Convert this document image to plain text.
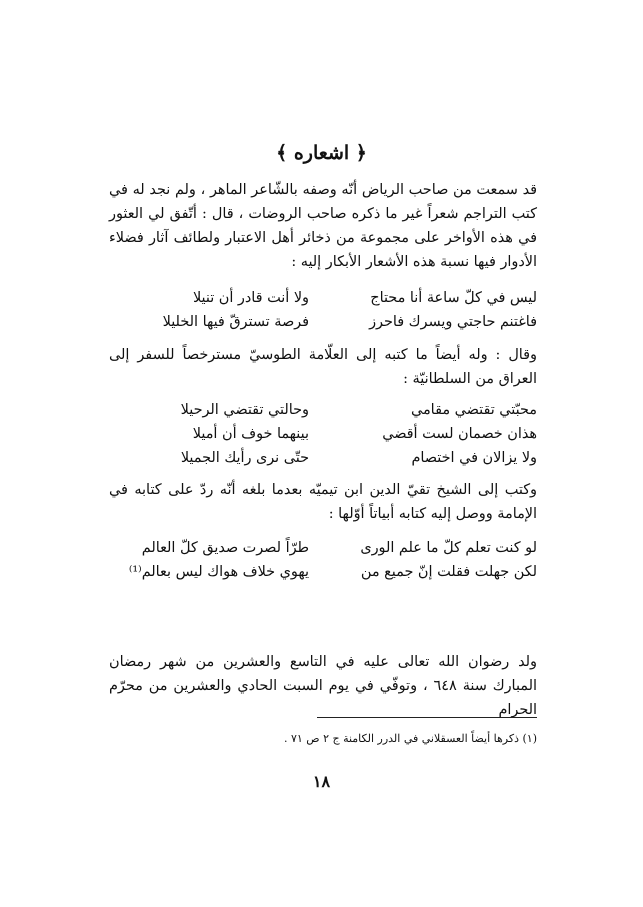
﴿ اشعاره ﴾
قد سمعت من صاحب الرياض أنّه وصفه بالشّاعر الماهر ، ولم نجد له في كتب التراجم شعراً غير ما ذكره صاحب الروضات ، قال : أتّفق لي العثور في هذه الأواخر على مجموعة من ذخائر أهل الاعتبار ولطائف آثار فضلاء الأدوار فيها نسبة هذه الأشعار الأبكار إليه :
ليس في كلّ ساعة أنا محتاج
ولا أنت قادر أن تنيلا
فاغتنم حاجتي ويسرك فاحرز
فرصة تسترقّ فيها الخليلا
وقال : وله أيضاً ما كتبه إلى العلّامة الطوسيّ مسترخصاً للسفر إلى العراق من السلطانيّة :
محبّتي تقتضي مقامي
وحالتي تقتضي الرحيلا
هذان خصمان لست أقضي
بينهما خوف أن أميلا
ولا يزالان في اختصام
حتّى نرى رأيك الجميلا
وكتب إلى الشيخ تقيّ الدين ابن تيميّه بعدما بلغه أنّه ردّ على كتابه في الإمامة ووصل إليه كتابه أبياتاً أوّلها :
لو كنت تعلم كلّ ما علم الورى
طرّاً لصرت صديق كلّ العالم
لكن جهلت فقلت إنّ جميع من
يهوي خلاف هواك ليس بعالم⁽¹⁾
ولد رضوان الله تعالى عليه في التاسع والعشرين من شهر رمضان المبارك سنة ٦٤٨ ، وتوفّي في يوم السبت الحادي والعشرين من محرّم الحرام
(١) ذكرها أيضاً العسقلاني في الدرر الكامنة ج ٢ ص ٧١ .
١٨
